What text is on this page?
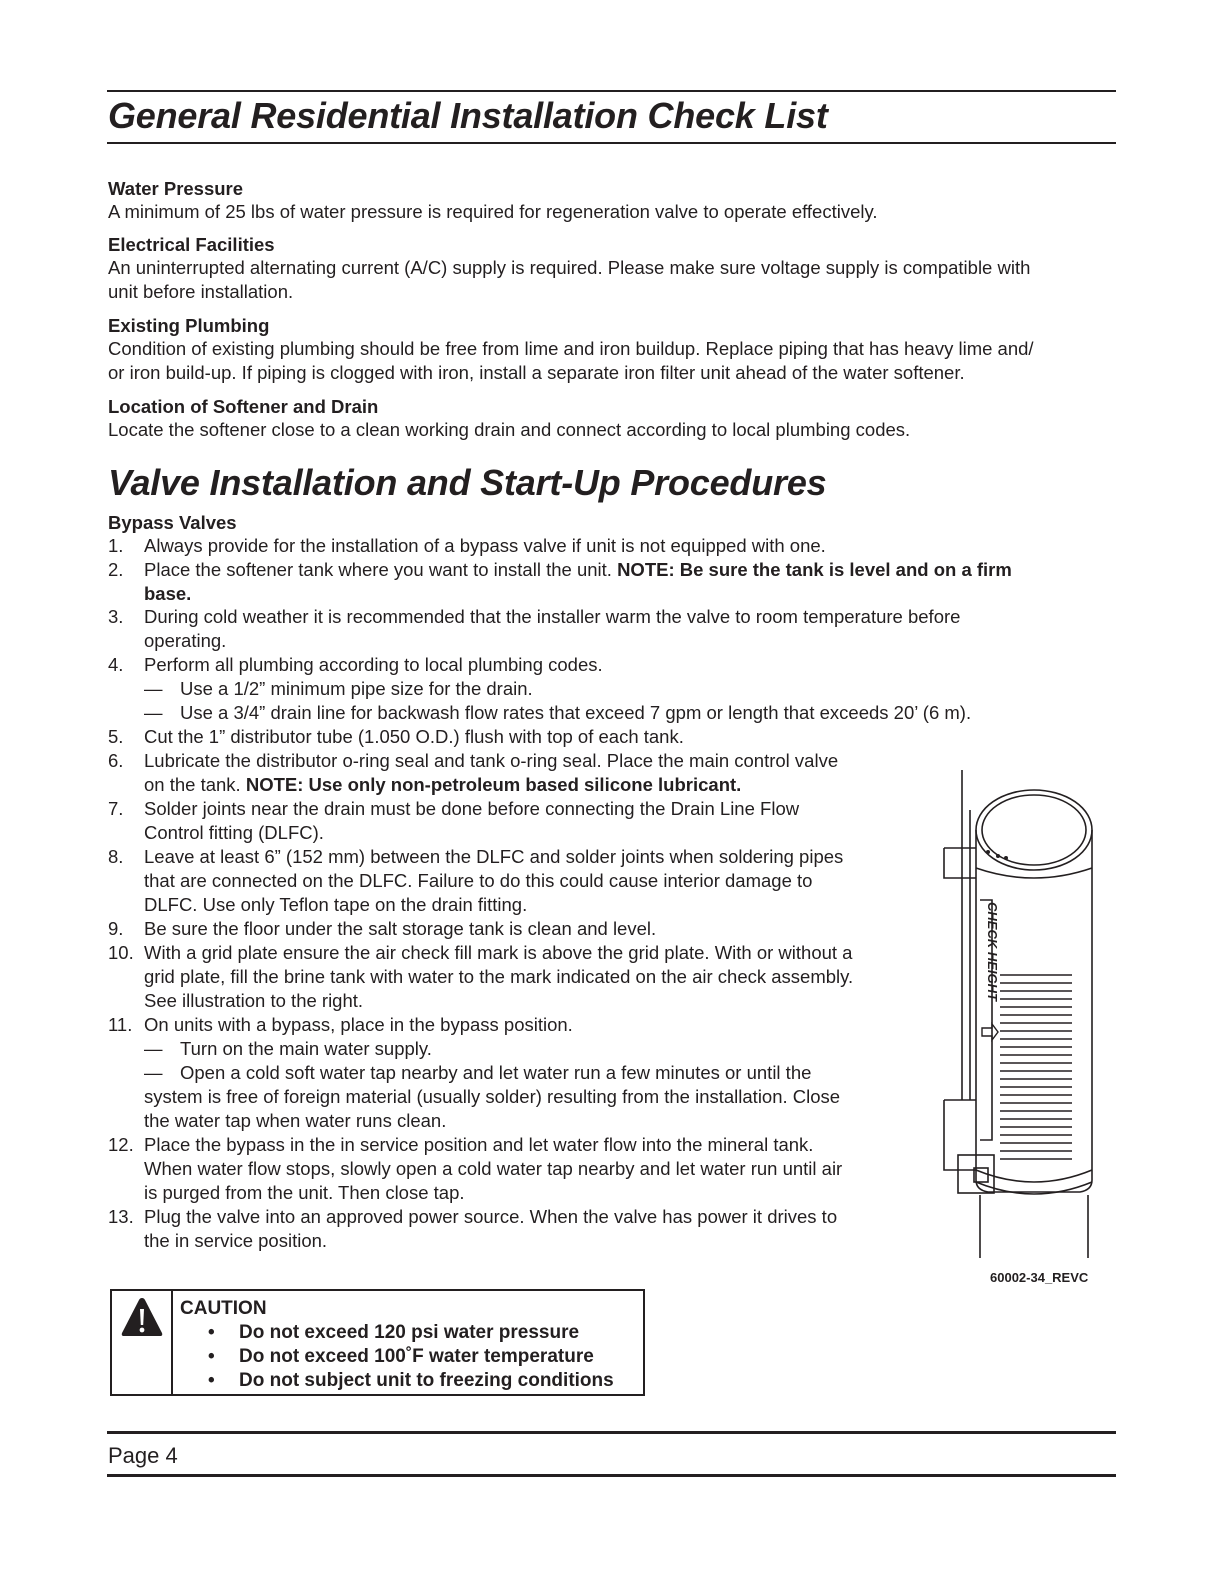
General Residential Installation Check List
Water Pressure
A minimum of 25 lbs of water pressure is required for regeneration valve to operate effectively.
Electrical Facilities
An uninterrupted alternating current (A/C) supply is required. Please make sure voltage supply is compatible with
unit before installation.
Existing Plumbing
Condition of existing plumbing should be free from lime and iron buildup. Replace piping that has heavy lime and/
or iron build-up. If piping is clogged with iron, install a separate iron filter unit ahead of the water softener.
Location of Softener and Drain
Locate the softener close to a clean working drain and connect according to local plumbing codes.
Valve Installation and Start-Up Procedures
Bypass Valves
1.	Always provide for the installation of a bypass valve if unit is not equipped with one.
2.	Place the softener tank where you want to install the unit. NOTE: Be sure the tank is level and on a firm
base.
3.	During cold weather it is recommended that the installer warm the valve to room temperature before
operating.
4.	Perform all plumbing according to local plumbing codes.
— Use a 1/2” minimum pipe size for the drain.
— Use a 3/4” drain line for backwash flow rates that exceed 7 gpm or length that exceeds 20’ (6 m).
5.	Cut the 1” distributor tube (1.050 O.D.) flush with top of each tank.
6.	Lubricate the distributor o-ring seal and tank o-ring seal. Place the main control valve
on the tank. NOTE: Use only non-petroleum based silicone lubricant.
7.	Solder joints near the drain must be done before connecting the Drain Line Flow
Control fitting (DLFC).
8.	Leave at least 6” (152 mm) between the DLFC and solder joints when soldering pipes
that are connected on the DLFC. Failure to do this could cause interior damage to
DLFC. Use only Teflon tape on the drain fitting.
9.	Be sure the floor under the salt storage tank is clean and level.
10. With a grid plate ensure the air check fill mark is above the grid plate. With or without a
grid plate, fill the brine tank with water to the mark indicated on the air check assembly.
See illustration to the right.
11. On units with a bypass, place in the bypass position.
— Turn on the main water supply.
— Open a cold soft water tap nearby and let water run a few minutes or until the
system is free of foreign material (usually solder) resulting from the installation. Close
the water tap when water runs clean.
12. Place the bypass in the in service position and let water flow into the mineral tank.
When water flow stops, slowly open a cold water tap nearby and let water run until air
is purged from the unit. Then close tap.
13. Plug the valve into an approved power source. When the valve has power it drives to
the in service position.
CHECK HEIGHT
60002-34_REVC
CAUTION
• Do not exceed 120 psi water pressure
• Do not exceed 100˚F water temperature
• Do not subject unit to freezing conditions
Page 4
